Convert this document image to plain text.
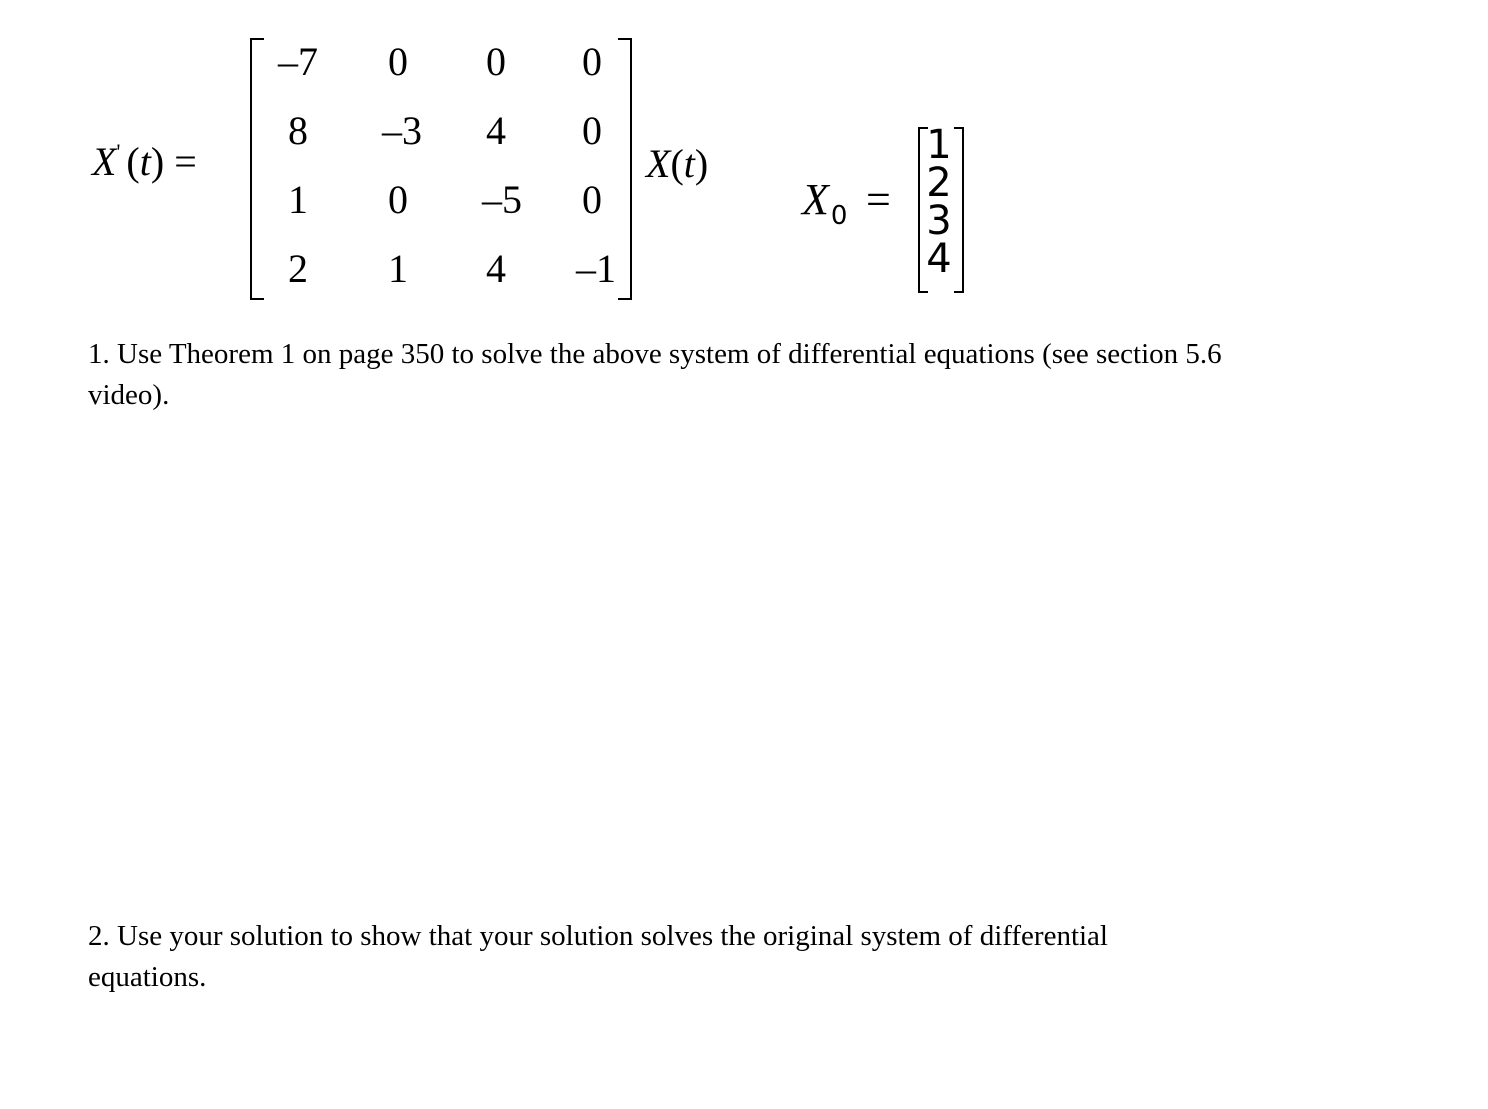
X' (t) =
–7	0	0	0
8	–3	4	0
1	0	–5	0
2	1	4	–1
X(t)
$X_0$ =
1
2
3
4
1. Use Theorem 1 on page 350 to solve the above system of differential equations (see section 5.6 video).
2. Use your solution to show that your solution solves the original system of differential equations.
